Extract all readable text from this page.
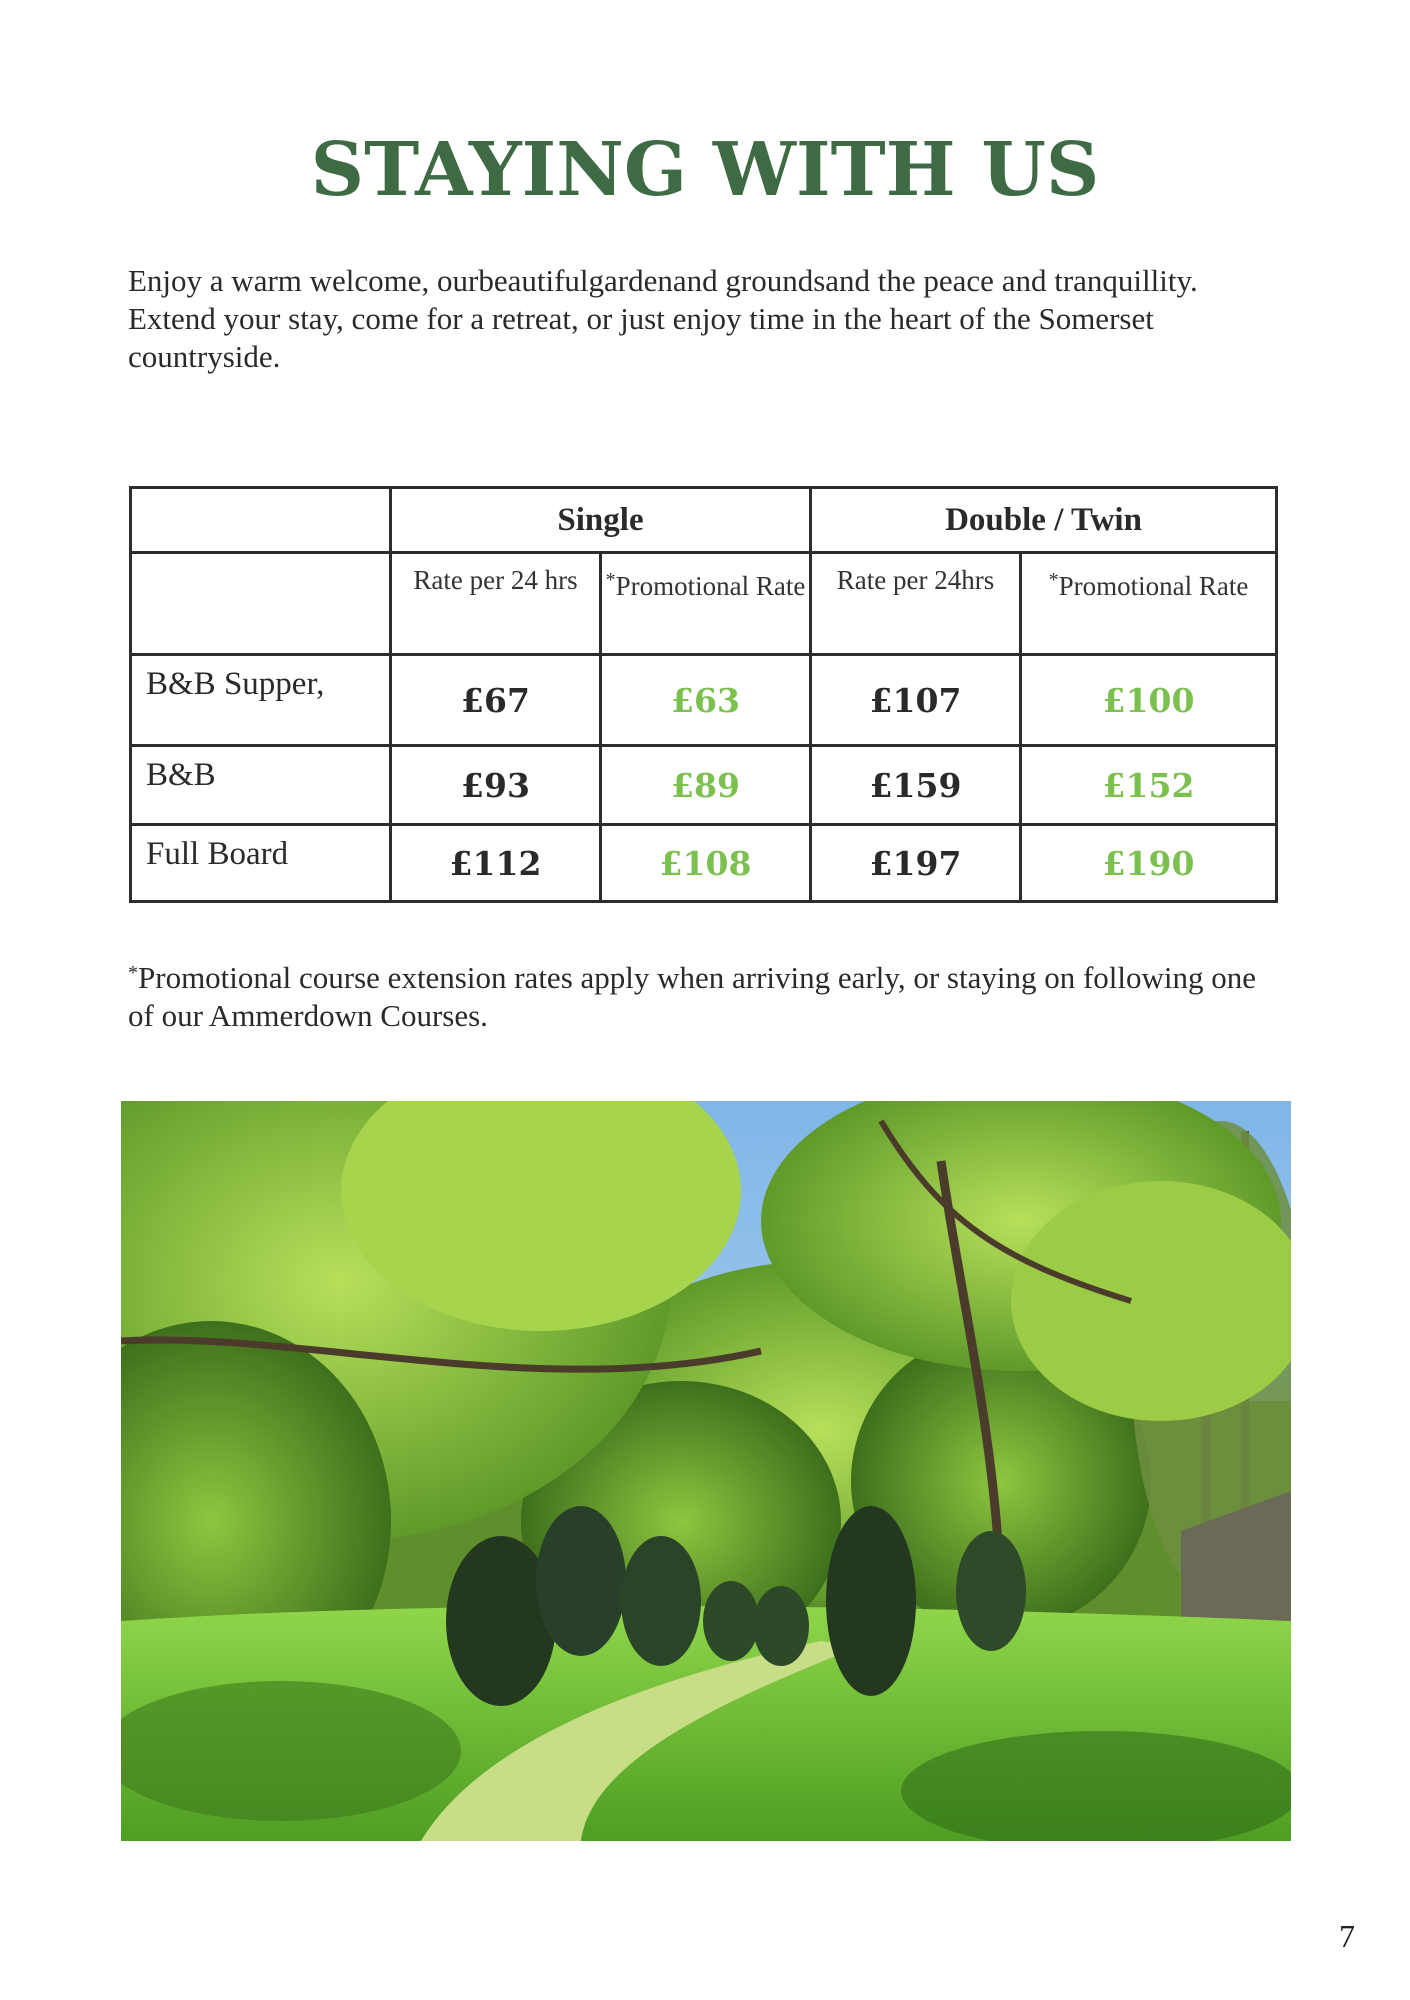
STAYING WITH US

Enjoy a warm welcome, ourbeautifulgardenand groundsand the peace and tranquillity. Extend your stay, come for a retreat, or just enjoy time in the heart of the Somerset countryside.

	Single		Double / Twin	
	Rate per 24 hrs	*Promotional Rate	Rate per 24hrs	*Promotional Rate
B&B Supper,	£67	£63	£107	£100
B&B	£93	£89	£159	£152
Full Board	£112	£108	£197	£190

*Promotional course extension rates apply when arriving early, or staying on following one of our Ammerdown Courses.

7
